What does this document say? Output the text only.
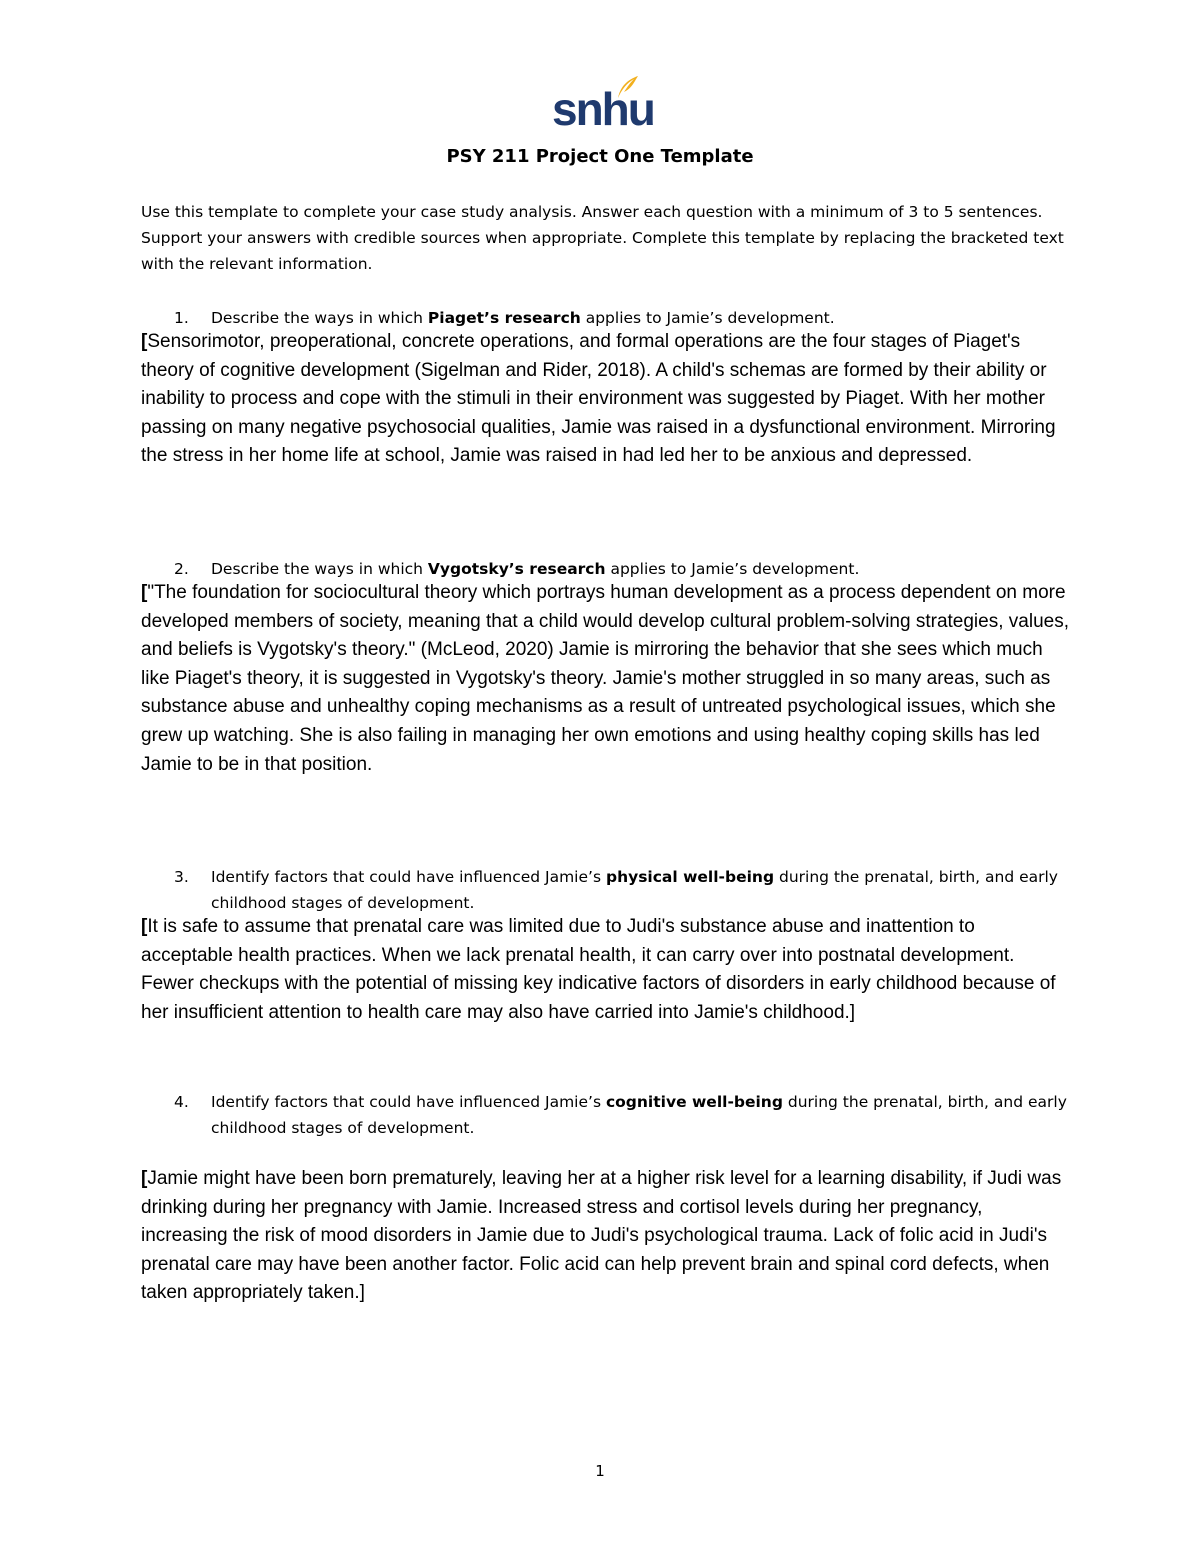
snhu
PSY 211 Project One Template
Use this template to complete your case study analysis. Answer each question with a minimum of 3 to 5 sentences. Support your answers with credible sources when appropriate. Complete this template by replacing the bracketed text with the relevant information.
1. Describe the ways in which Piaget’s research applies to Jamie’s development.
[Sensorimotor, preoperational, concrete operations, and formal operations are the four stages of Piaget's theory of cognitive development (Sigelman and Rider, 2018). A child's schemas are formed by their ability or inability to process and cope with the stimuli in their environment was suggested by Piaget. With her mother passing on many negative psychosocial qualities, Jamie was raised in a dysfunctional environment. Mirroring the stress in her home life at school, Jamie was raised in had led her to be anxious and depressed.
2. Describe the ways in which Vygotsky’s research applies to Jamie’s development.
["The foundation for sociocultural theory which portrays human development as a process dependent on more developed members of society, meaning that a child would develop cultural problem-solving strategies, values, and beliefs is Vygotsky's theory." (McLeod, 2020) Jamie is mirroring the behavior that she sees which much like Piaget's theory, it is suggested in Vygotsky's theory. Jamie's mother struggled in so many areas, such as substance abuse and unhealthy coping mechanisms as a result of untreated psychological issues, which she grew up watching. She is also failing in managing her own emotions and using healthy coping skills has led Jamie to be in that position.
3. Identify factors that could have influenced Jamie’s physical well-being during the prenatal, birth, and early childhood stages of development.
[It is safe to assume that prenatal care was limited due to Judi's substance abuse and inattention to acceptable health practices. When we lack prenatal health, it can carry over into postnatal development. Fewer checkups with the potential of missing key indicative factors of disorders in early childhood because of her insufficient attention to health care may also have carried into Jamie's childhood.]
4. Identify factors that could have influenced Jamie’s cognitive well-being during the prenatal, birth, and early childhood stages of development.
[Jamie might have been born prematurely, leaving her at a higher risk level for a learning disability, if Judi was drinking during her pregnancy with Jamie. Increased stress and cortisol levels during her pregnancy, increasing the risk of mood disorders in Jamie due to Judi's psychological trauma. Lack of folic acid in Judi's prenatal care may have been another factor. Folic acid can help prevent brain and spinal cord defects, when taken appropriately taken.]
1
